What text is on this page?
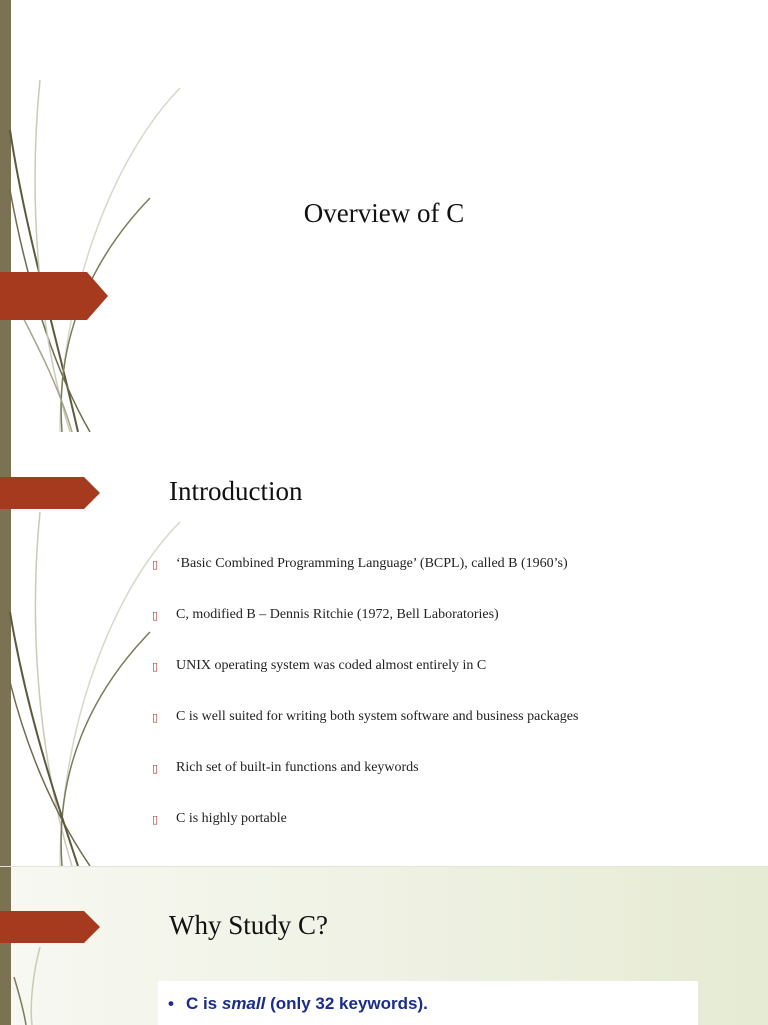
Overview of C
Introduction
▯ ‘Basic Combined Programming Language’ (BCPL), called B (1960’s)
▯ C, modified B – Dennis Ritchie (1972, Bell Laboratories)
▯ UNIX operating system was coded almost entirely in C
▯ C is well suited for writing both system software and business packages
▯ Rich set of built-in functions and keywords
▯ C is highly portable
Why Study C?
• C is small (only 32 keywords).
